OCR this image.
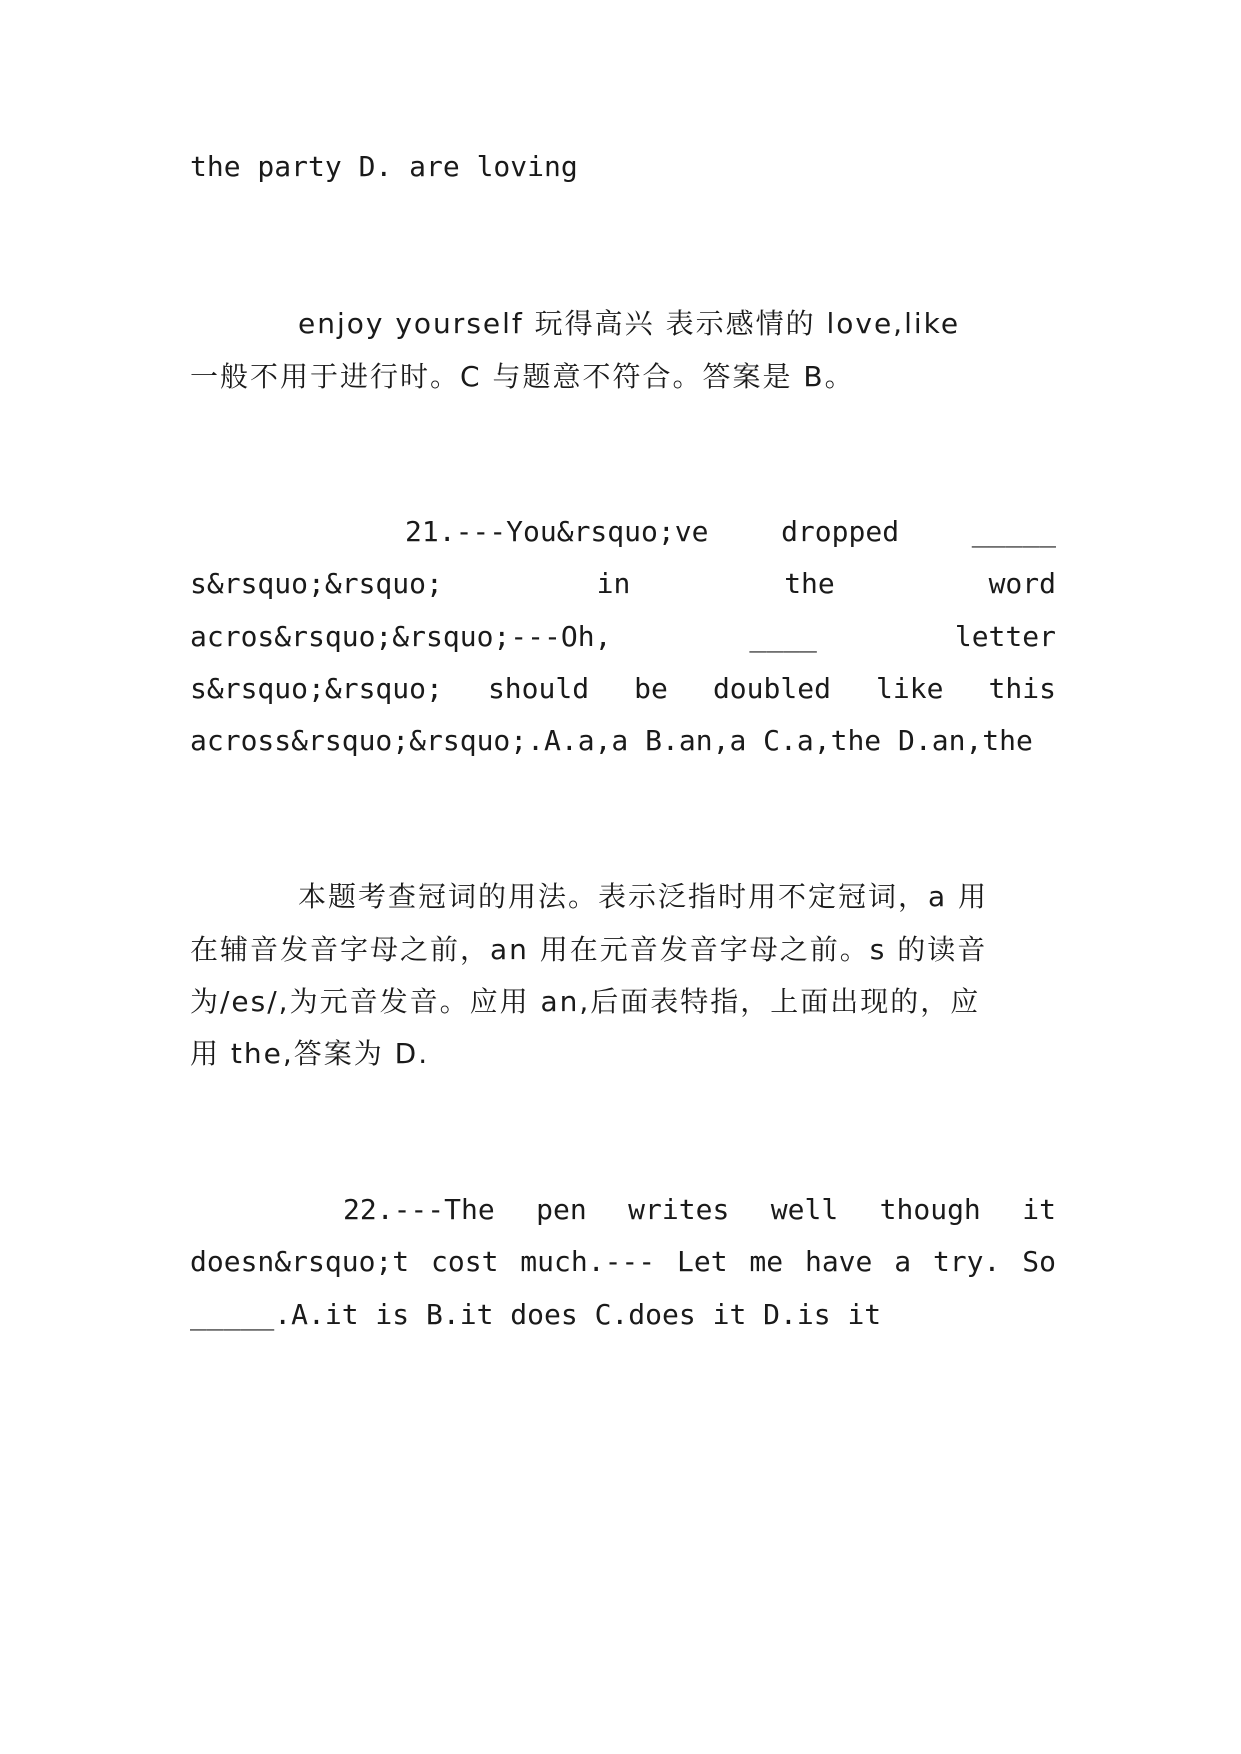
the party D. are loving
enjoy yourself 玩得高兴 表示感情的 love,like
一般不用于进行时。C 与题意不符合。答案是 B。
21.---You&rsquo;ve	dropped	_____
s&rsquo;&rsquo;	in	the	word
acros&rsquo;&rsquo;---Oh,	____	letter
s&rsquo;&rsquo; should be doubled like this
across&rsquo;&rsquo;.A.a,a B.an,a C.a,the D.an,the
本题考查冠词的用法。表示泛指时用不定冠词，a 用
在辅音发音字母之前，an 用在元音发音字母之前。s 的读音
为/es/,为元音发音。应用 an,后面表特指，上面出现的，应
用 the,答案为 D.
22.---The pen writes well though it
doesn&rsquo;t cost much.--- Let me have a try. So
_____.A.it is B.it does C.does it D.is it
